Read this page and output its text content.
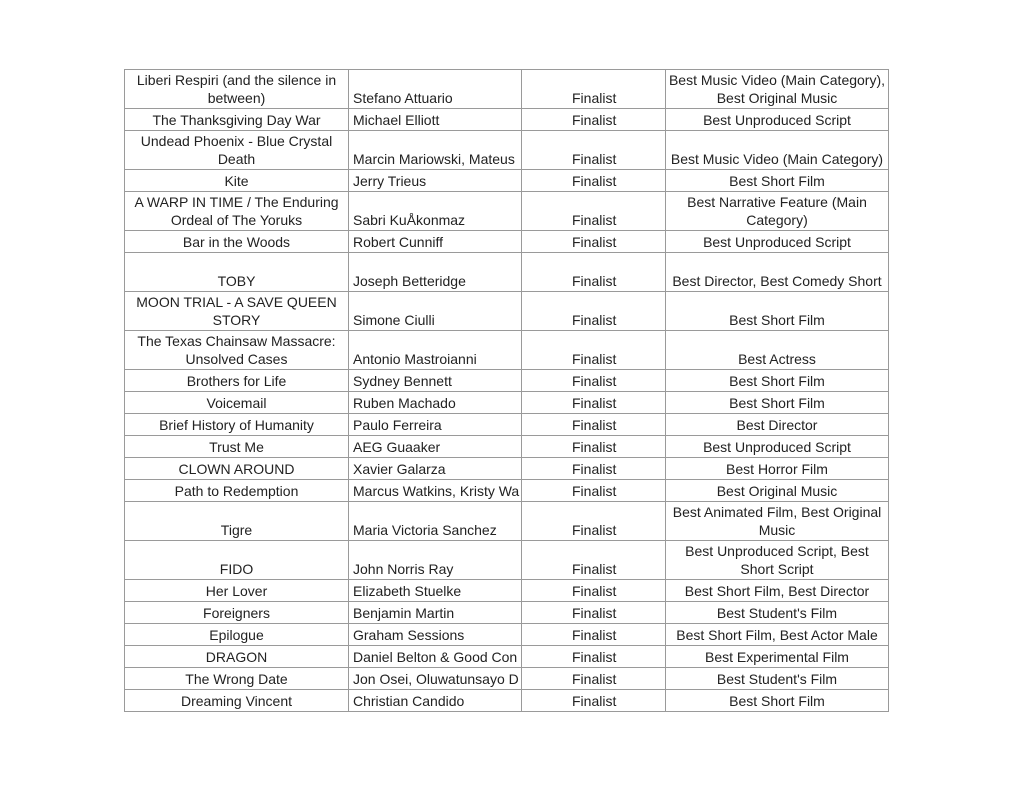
Liberi Respiri (and the silence in between)	Stefano Attuario	Finalist	Best Music Video (Main Category), Best Original Music
The Thanksgiving Day War	Michael Elliott	Finalist	Best Unproduced Script
Undead Phoenix - Blue Crystal Death	Marcin Mariowski, Mateus	Finalist	Best Music Video (Main Category)
Kite	Jerry Trieus	Finalist	Best Short Film
A WARP IN TIME / The Enduring Ordeal of The Yoruks	Sabri KuÅkonmaz	Finalist	Best Narrative Feature (Main Category)
Bar in the Woods	Robert Cunniff	Finalist	Best Unproduced Script
TOBY	Joseph Betteridge	Finalist	Best Director, Best Comedy Short
MOON TRIAL - A SAVE QUEEN STORY	Simone Ciulli	Finalist	Best Short Film
The Texas Chainsaw Massacre: Unsolved Cases	Antonio Mastroianni	Finalist	Best Actress
Brothers for Life	Sydney Bennett	Finalist	Best Short Film
Voicemail	Ruben Machado	Finalist	Best Short Film
Brief History of Humanity	Paulo Ferreira	Finalist	Best Director
Trust Me	AEG Guaaker	Finalist	Best Unproduced Script
CLOWN AROUND	Xavier Galarza	Finalist	Best Horror Film
Path to Redemption	Marcus Watkins, Kristy Wa	Finalist	Best Original Music
Tigre	Maria Victoria Sanchez	Finalist	Best Animated Film, Best Original Music
FIDO	John Norris Ray	Finalist	Best Unproduced Script, Best Short Script
Her Lover	Elizabeth Stuelke	Finalist	Best Short Film, Best Director
Foreigners	Benjamin Martin	Finalist	Best Student's Film
Epilogue	Graham Sessions	Finalist	Best Short Film, Best Actor Male
DRAGON	Daniel Belton & Good Con	Finalist	Best Experimental Film
The Wrong Date	Jon Osei, Oluwatunsayo D	Finalist	Best Student's Film
Dreaming Vincent	Christian Candido	Finalist	Best Short Film
